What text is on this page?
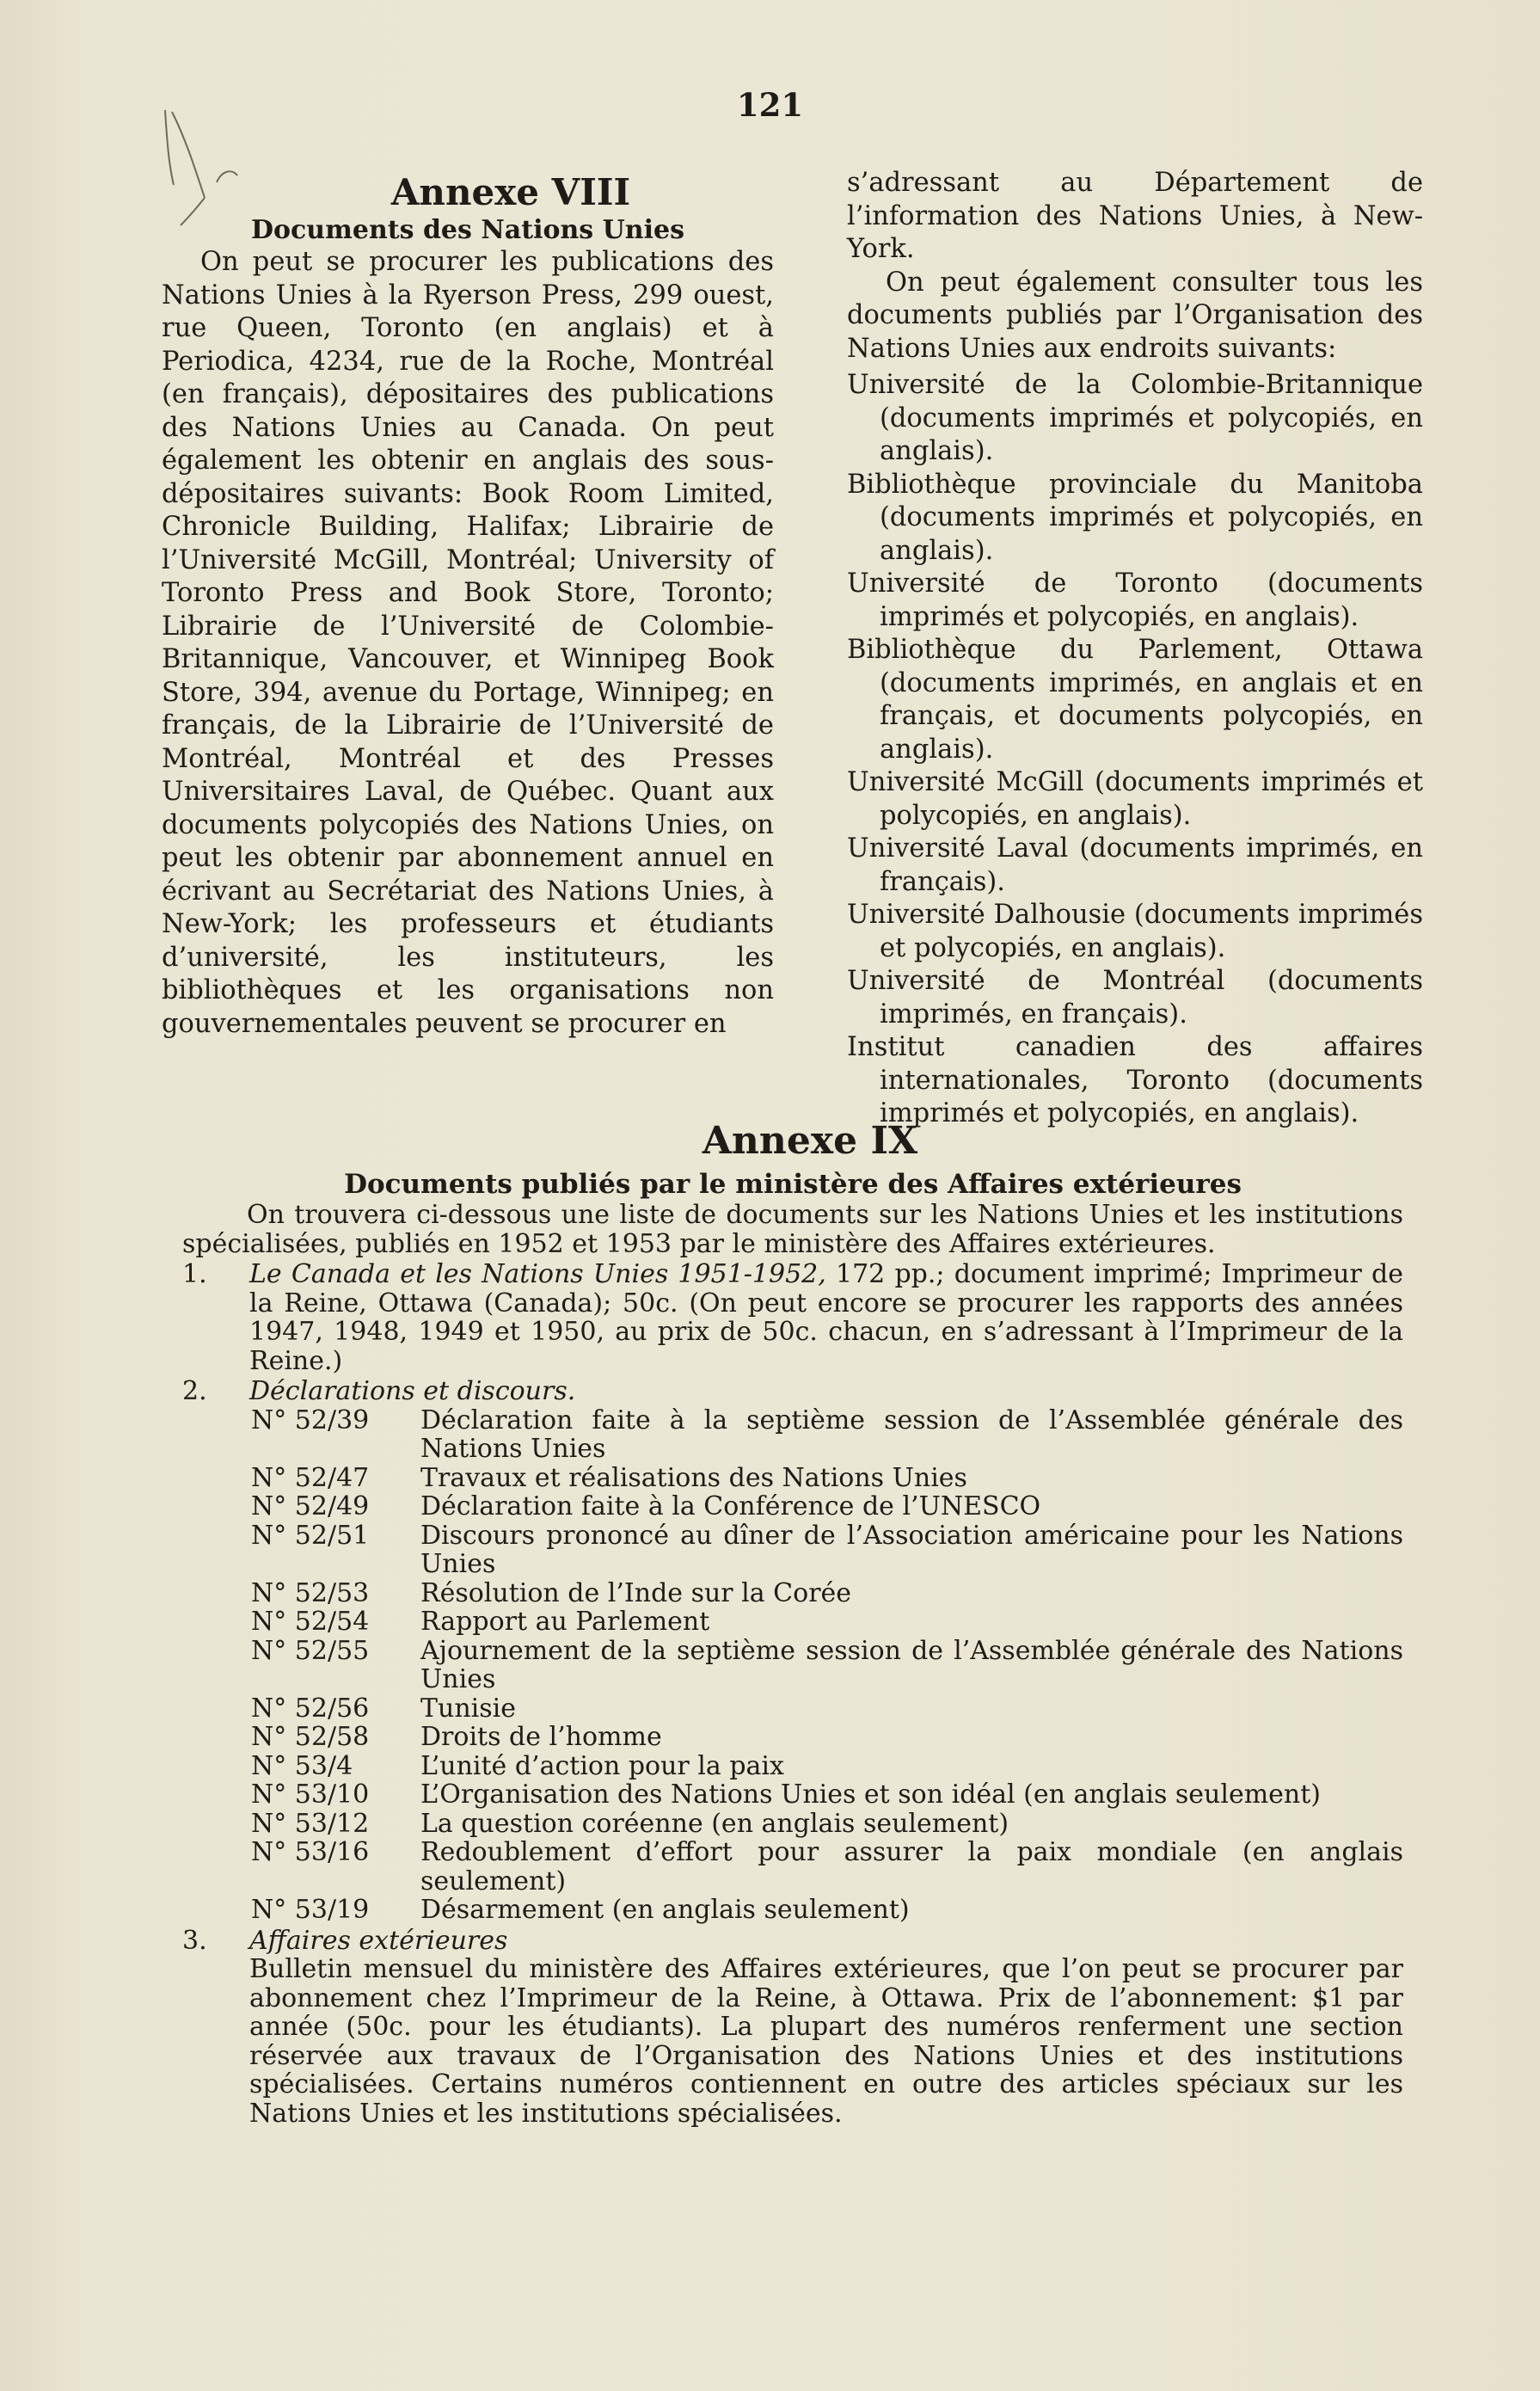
121
Annexe VIII
Documents des Nations Unies

On peut se procurer les publications des Nations Unies à la Ryerson Press, 299 ouest, rue Queen, Toronto (en anglais) et à Periodica, 4234, rue de la Roche, Montréal (en français), dépositaires des publications des Nations Unies au Canada. On peut également les obtenir en anglais des sous-dépositaires suivants: Book Room Limited, Chronicle Building, Halifax; Librairie de l’Université McGill, Montréal; University of Toronto Press and Book Store, Toronto; Librairie de l’Université de Colombie-Britannique, Vancouver, et Winnipeg Book Store, 394, avenue du Portage, Winnipeg; en français, de la Librairie de l’Université de Montréal, Montréal et des Presses Universitaires Laval, de Québec. Quant aux documents polycopiés des Nations Unies, on peut les obtenir par abonnement annuel en écrivant au Secrétariat des Nations Unies, à New-York; les professeurs et étudiants d’université, les instituteurs, les bibliothèques et les organisations non gouvernementales peuvent se procurer en

s’adressant au Département de l’information des Nations Unies, à New-York.

On peut également consulter tous les documents publiés par l’Organisation des Nations Unies aux endroits suivants:

Université de la Colombie-Britannique (documents imprimés et polycopiés, en anglais).
Bibliothèque provinciale du Manitoba (documents imprimés et polycopiés, en anglais).
Université de Toronto (documents imprimés et polycopiés, en anglais).
Bibliothèque du Parlement, Ottawa (documents imprimés, en anglais et en français, et documents polycopiés, en anglais).
Université McGill (documents imprimés et polycopiés, en anglais).
Université Laval (documents imprimés, en français).
Université Dalhousie (documents imprimés et polycopiés, en anglais).
Université de Montréal (documents imprimés, en français).
Institut canadien des affaires internationales, Toronto (documents imprimés et polycopiés, en anglais).
Annexe IX
Documents publiés par le ministère des Affaires extérieures

On trouvera ci-dessous une liste de documents sur les Nations Unies et les institutions spécialisées, publiés en 1952 et 1953 par le ministère des Affaires extérieures.

1.	Le Canada et les Nations Unies 1951-1952, 172 pp.; document imprimé; Imprimeur de la Reine, Ottawa (Canada); 50c. (On peut encore se procurer les rapports des années 1947, 1948, 1949 et 1950, au prix de 50c. chacun, en s’adressant à l’Imprimeur de la Reine.)
2.	Déclarations et discours.
N° 52/39	Déclaration faite à la septième session de l’Assemblée générale des Nations Unies
N° 52/47	Travaux et réalisations des Nations Unies
N° 52/49	Déclaration faite à la Conférence de l’UNESCO
N° 52/51	Discours prononcé au dîner de l’Association américaine pour les Nations Unies
N° 52/53	Résolution de l’Inde sur la Corée
N° 52/54	Rapport au Parlement
N° 52/55	Ajournement de la septième session de l’Assemblée générale des Nations Unies
N° 52/56	Tunisie
N° 52/58	Droits de l’homme
N° 53/4	L’unité d’action pour la paix
N° 53/10	L’Organisation des Nations Unies et son idéal (en anglais seulement)
N° 53/12	La question coréenne (en anglais seulement)
N° 53/16	Redoublement d’effort pour assurer la paix mondiale (en anglais seulement)
N° 53/19	Désarmement (en anglais seulement)
3.	Affaires extérieures
Bulletin mensuel du ministère des Affaires extérieures, que l’on peut se procurer par abonnement chez l’Imprimeur de la Reine, à Ottawa. Prix de l’abonnement: $1 par année (50c. pour les étudiants). La plupart des numéros renferment une section réservée aux travaux de l’Organisation des Nations Unies et des institutions spécialisées. Certains numéros contiennent en outre des articles spéciaux sur les Nations Unies et les institutions spécialisées.
